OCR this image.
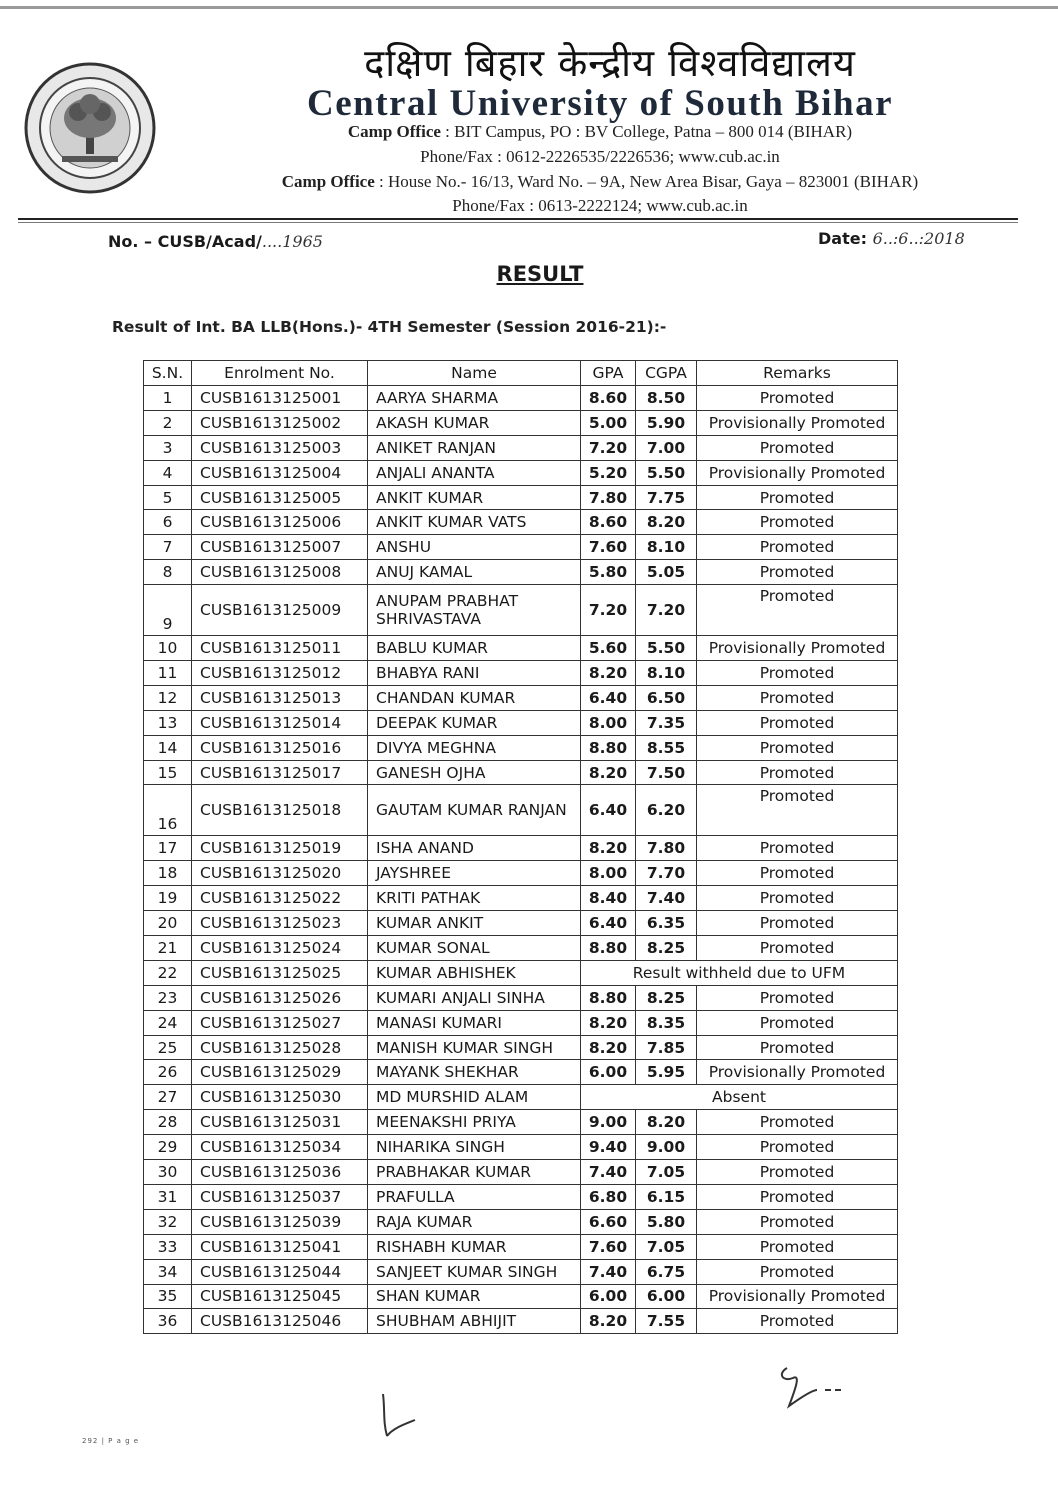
दक्षिण बिहार केन्द्रीय विश्वविद्यालय
Central University of South Bihar
Camp Office : BIT Campus, PO : BV College, Patna – 800 014 (BIHAR)
Phone/Fax : 0612-2226535/2226536; www.cub.ac.in
Camp Office : House No.- 16/13, Ward No. – 9A, New Area Bisar, Gaya – 823001 (BIHAR)
Phone/Fax : 0613-2222124; www.cub.ac.in
No. – CUSB/Acad/....1965	Date: 6..:6..:2018
RESULT
Result of Int. BA LLB(Hons.)- 4TH Semester (Session 2016-21):-
S.N.	Enrolment No.	Name	GPA	CGPA	Remarks
1	CUSB1613125001	AARYA SHARMA	8.60	8.50	Promoted
2	CUSB1613125002	AKASH KUMAR	5.00	5.90	Provisionally Promoted
3	CUSB1613125003	ANIKET RANJAN	7.20	7.00	Promoted
4	CUSB1613125004	ANJALI ANANTA	5.20	5.50	Provisionally Promoted
5	CUSB1613125005	ANKIT KUMAR	7.80	7.75	Promoted
6	CUSB1613125006	ANKIT KUMAR VATS	8.60	8.20	Promoted
7	CUSB1613125007	ANSHU	7.60	8.10	Promoted
8	CUSB1613125008	ANUJ KAMAL	5.80	5.05	Promoted
9	CUSB1613125009	ANUPAM PRABHAT SHRIVASTAVA	7.20	7.20	Promoted
10	CUSB1613125011	BABLU KUMAR	5.60	5.50	Provisionally Promoted
11	CUSB1613125012	BHABYA RANI	8.20	8.10	Promoted
12	CUSB1613125013	CHANDAN KUMAR	6.40	6.50	Promoted
13	CUSB1613125014	DEEPAK KUMAR	8.00	7.35	Promoted
14	CUSB1613125016	DIVYA MEGHNA	8.80	8.55	Promoted
15	CUSB1613125017	GANESH OJHA	8.20	7.50	Promoted
16	CUSB1613125018	GAUTAM KUMAR RANJAN	6.40	6.20	Promoted
17	CUSB1613125019	ISHA ANAND	8.20	7.80	Promoted
18	CUSB1613125020	JAYSHREE	8.00	7.70	Promoted
19	CUSB1613125022	KRITI PATHAK	8.40	7.40	Promoted
20	CUSB1613125023	KUMAR ANKIT	6.40	6.35	Promoted
21	CUSB1613125024	KUMAR SONAL	8.80	8.25	Promoted
22	CUSB1613125025	KUMAR ABHISHEK	Result withheld due to UFM		
23	CUSB1613125026	KUMARI ANJALI SINHA	8.80	8.25	Promoted
24	CUSB1613125027	MANASI KUMARI	8.20	8.35	Promoted
25	CUSB1613125028	MANISH KUMAR SINGH	8.20	7.85	Promoted
26	CUSB1613125029	MAYANK SHEKHAR	6.00	5.95	Provisionally Promoted
27	CUSB1613125030	MD MURSHID ALAM	Absent		
28	CUSB1613125031	MEENAKSHI PRIYA	9.00	8.20	Promoted
29	CUSB1613125034	NIHARIKA SINGH	9.40	9.00	Promoted
30	CUSB1613125036	PRABHAKAR KUMAR	7.40	7.05	Promoted
31	CUSB1613125037	PRAFULLA	6.80	6.15	Promoted
32	CUSB1613125039	RAJA KUMAR	6.60	5.80	Promoted
33	CUSB1613125041	RISHABH KUMAR	7.60	7.05	Promoted
34	CUSB1613125044	SANJEET KUMAR SINGH	7.40	6.75	Promoted
35	CUSB1613125045	SHAN KUMAR	6.00	6.00	Provisionally Promoted
36	CUSB1613125046	SHUBHAM ABHIJIT	8.20	7.55	Promoted
292 | P a g e
